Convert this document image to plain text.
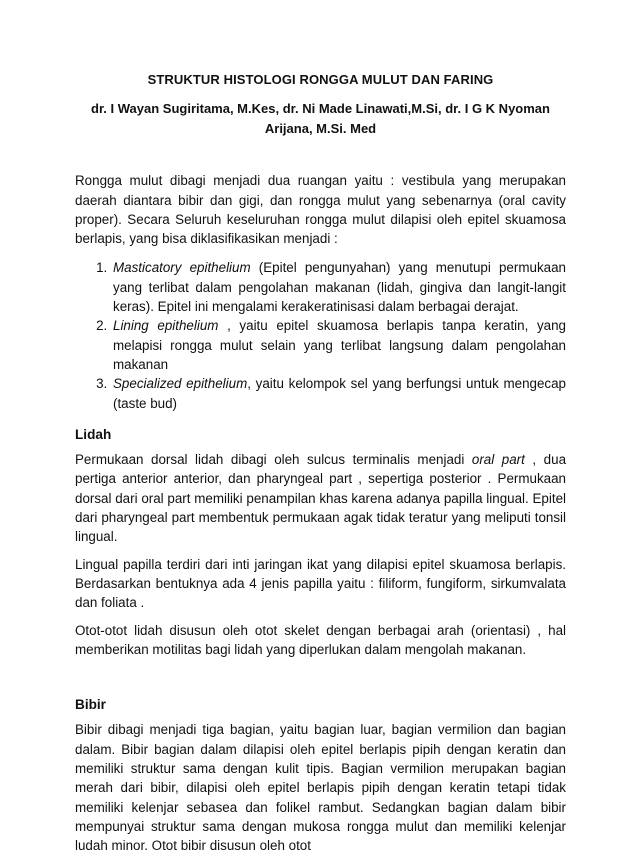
STRUKTUR HISTOLOGI RONGGA MULUT DAN FARING
dr. I Wayan Sugiritama, M.Kes, dr. Ni Made Linawati,M.Si, dr. I G K Nyoman Arijana, M.Si. Med

Rongga mulut dibagi menjadi dua ruangan yaitu : vestibula yang merupakan daerah diantara bibir dan gigi, dan rongga mulut yang sebenarnya (oral cavity proper). Secara Seluruh keseluruhan rongga mulut dilapisi oleh epitel skuamosa berlapis, yang bisa diklasifikasikan menjadi :

1. Masticatory epithelium (Epitel pengunyahan) yang menutupi permukaan yang terlibat dalam pengolahan makanan (lidah, gingiva dan langit-langit keras). Epitel ini mengalami kerakeratinisasi dalam berbagai derajat.
2. Lining epithelium , yaitu epitel skuamosa berlapis tanpa keratin, yang melapisi rongga mulut selain yang terlibat langsung dalam pengolahan makanan
3. Specialized epithelium, yaitu kelompok sel yang berfungsi untuk mengecap (taste bud)
Lidah

Permukaan dorsal lidah dibagi oleh sulcus terminalis menjadi oral part , dua pertiga anterior anterior, dan pharyngeal part , sepertiga posterior . Permukaan dorsal dari oral part memiliki penampilan khas karena adanya papilla lingual. Epitel dari pharyngeal part membentuk permukaan agak tidak teratur yang meliputi tonsil lingual.

Lingual papilla terdiri dari inti jaringan ikat yang dilapisi epitel skuamosa berlapis. Berdasarkan bentuknya ada 4 jenis papilla yaitu : filiform, fungiform, sirkumvalata dan foliata .

Otot-otot lidah disusun oleh otot skelet dengan berbagai arah (orientasi) , hal memberikan motilitas bagi lidah yang diperlukan dalam mengolah makanan.

Bibir

Bibir dibagi menjadi tiga bagian, yaitu bagian luar, bagian vermilion dan bagian dalam. Bibir bagian dalam dilapisi oleh epitel berlapis pipih dengan keratin dan memiliki struktur sama dengan kulit tipis. Bagian vermilion merupakan bagian merah dari bibir, dilapisi oleh epitel berlapis pipih dengan keratin tetapi tidak memiliki kelenjar sebasea dan folikel rambut. Sedangkan bagian dalam bibir mempunyai struktur sama dengan mukosa rongga mulut dan memiliki kelenjar ludah minor. Otot bibir disusun oleh otot
